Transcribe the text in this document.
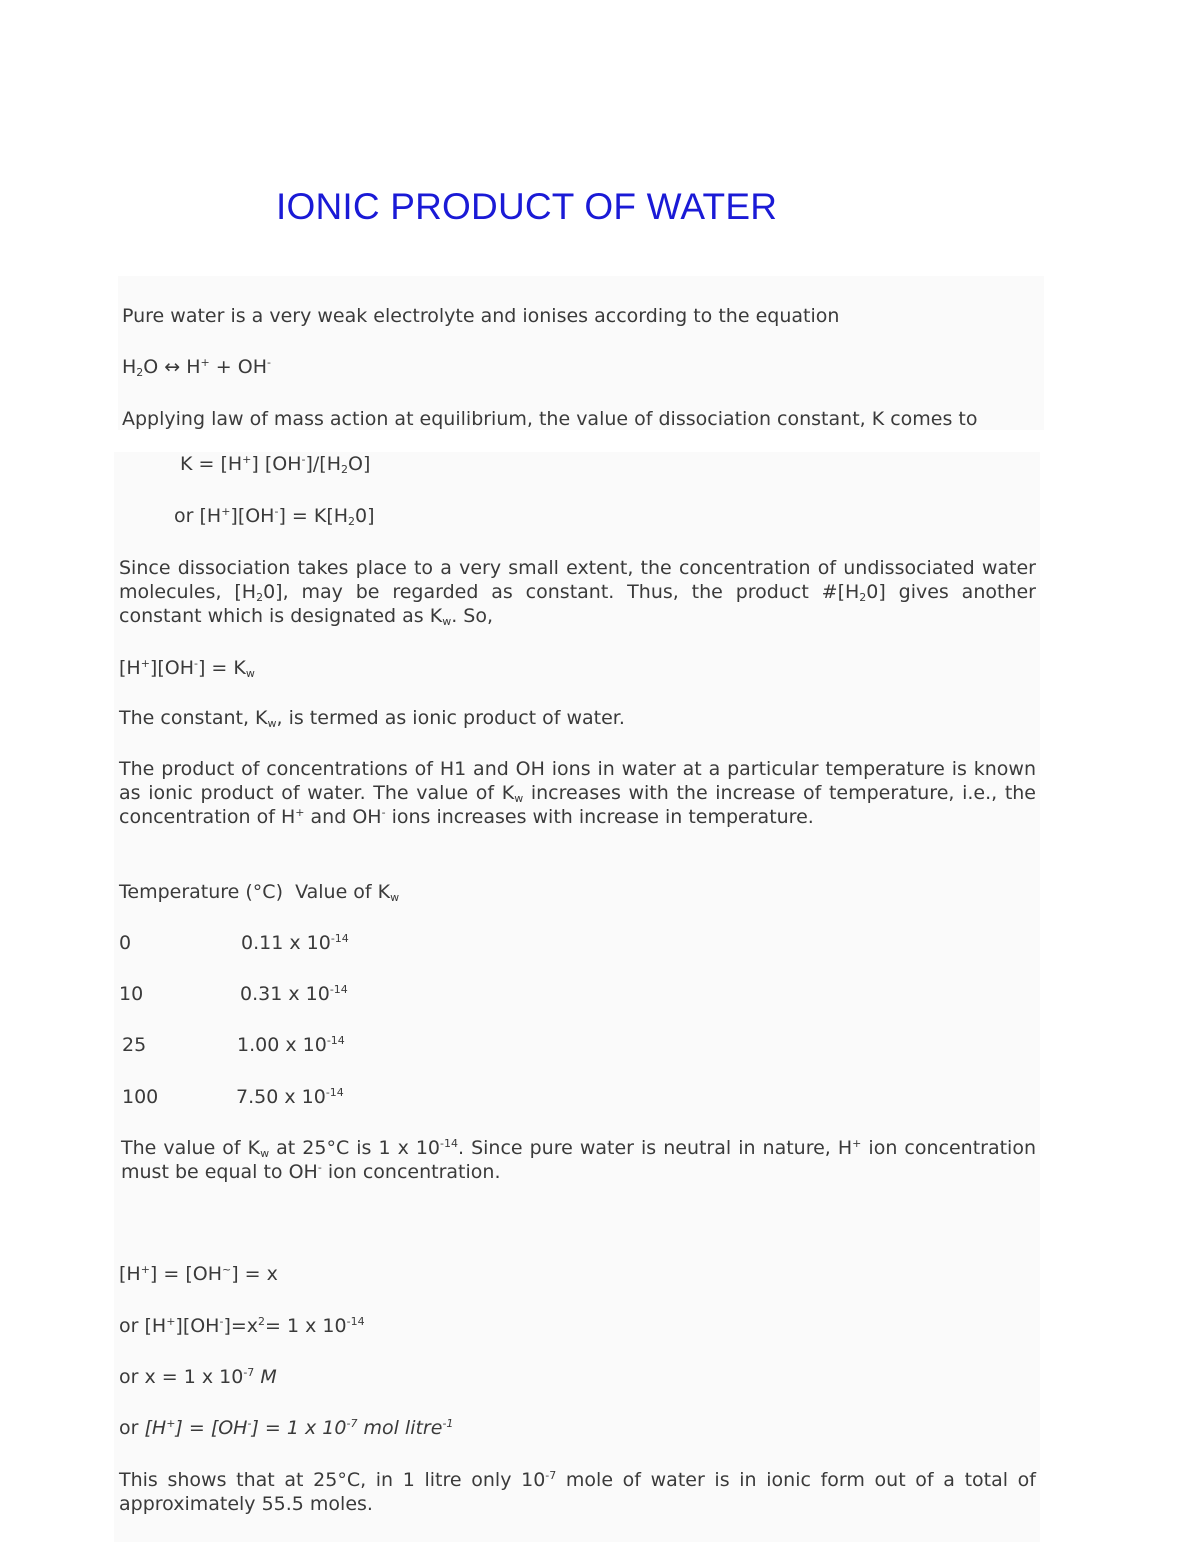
IONIC PRODUCT OF WATER
Pure water is a very weak electrolyte and ionises according to the equation
$H_2O$ ↔ H+ + OH-
Applying law of mass action at equilibrium, the value of dissociation constant, K comes to
K = [H+] $[OH^-]/[H_2O]$
or $[H^+][OH^-] = K[H_20]$
Since dissociation takes place to a very small extent, the concentration of undissociated water molecules, $[H_20]$, may be regarded as constant. Thus, the product $\#[H_20]$ gives another constant which is designated as $K_w$. So,
$[H^+][OH^-] = K_w$
The constant, $K_w$, is termed as ionic product of water.
The product of concentrations of H1 and OH ions in water at a particular temperature is known as ionic product of water. The value of $K_w$ increases with the increase of temperature, i.e., the concentration of H+ and OH- ions increases with increase in temperature.
Temperature (°C) Value of $K_w$
0	0.11 x $10^{-14}$
10	0.31 x $10^{-14}$
25	1.00 x $10^{-14}$
100	7.50 x $10^{-14}$
The value of $K_w$ at 25°C is 1 x $10^{-14}$. Since pure water is neutral in nature, H+ ion concentration must be equal to OH- ion concentration.
[H+] = [OH~] = x
or $[H^+][OH^-]=x^2= 1$ x $10^{-14}$
or x = 1 x $10^{-7}$ M
or [H+] = [OH-] = 1 x $10^{-7}$ mol litre$^{-1}$
This shows that at 25°C, in 1 litre only $10^{-7}$ mole of water is in ionic form out of a total of approximately 55.5 moles.
